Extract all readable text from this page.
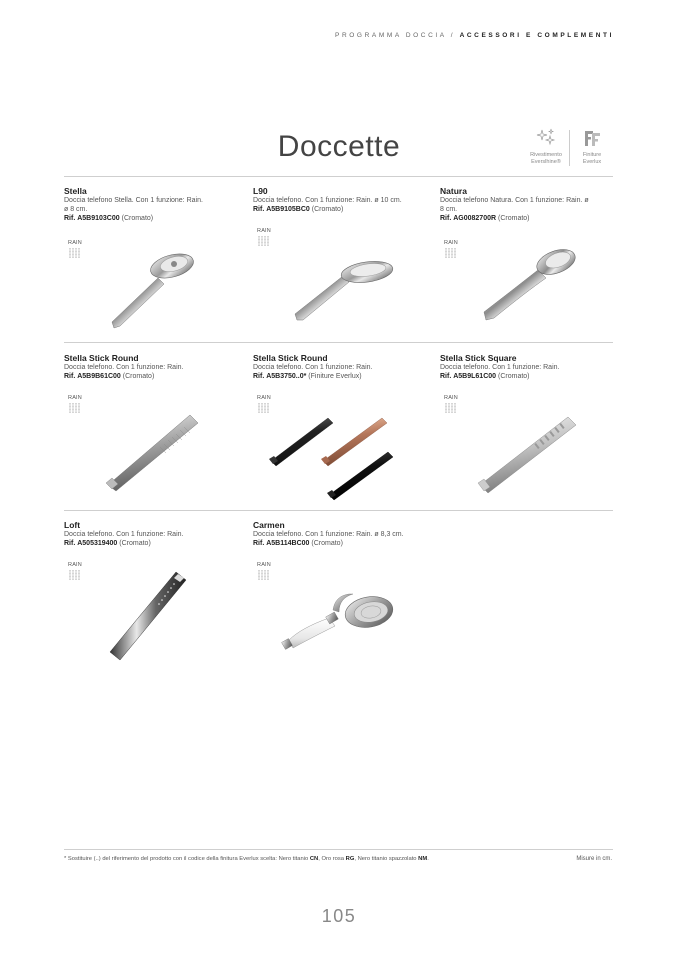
PROGRAMMA DOCCIA / ACCESSORI E COMPLEMENTI
Doccette	Rivestimento
Everslhine®
Finiture
Everlux
Stella
Doccia telefono Stella. Con 1 funzione: Rain. ø 8 cm.
Rif. A5B9103C00 (Cromato)
RAIN
L90
Doccia telefono. Con 1 funzione: Rain. ø 10 cm.
Rif. A5B9105BC0 (Cromato)
RAIN
Natura
Doccia telefono Natura. Con 1 funzione: Rain. ø 8 cm.
Rif. AG0082700R (Cromato)
RAIN
Stella Stick Round
Doccia telefono. Con 1 funzione: Rain.
Rif. A5B9B61C00 (Cromato)
RAIN
Stella Stick Round
Doccia telefono. Con 1 funzione: Rain.
Rif. A5B3750..0* (Finiture Everlux)
RAIN
Stella Stick Square
Doccia telefono. Con 1 funzione: Rain.
Rif. A5B9L61C00 (Cromato)
RAIN
Loft
Doccia telefono. Con 1 funzione: Rain.
Rif. A505319400 (Cromato)
RAIN
Carmen
Doccia telefono. Con 1 funzione: Rain. ø 8,3 cm.
Rif. A5B114BC00 (Cromato)
RAIN
* Sostituire (..) del riferimento del prodotto con il codice della finitura Everlux scelta: Nero titanio CN, Oro rosa RG, Nero titanio spazzolato NM.	Misure in cm.
105
